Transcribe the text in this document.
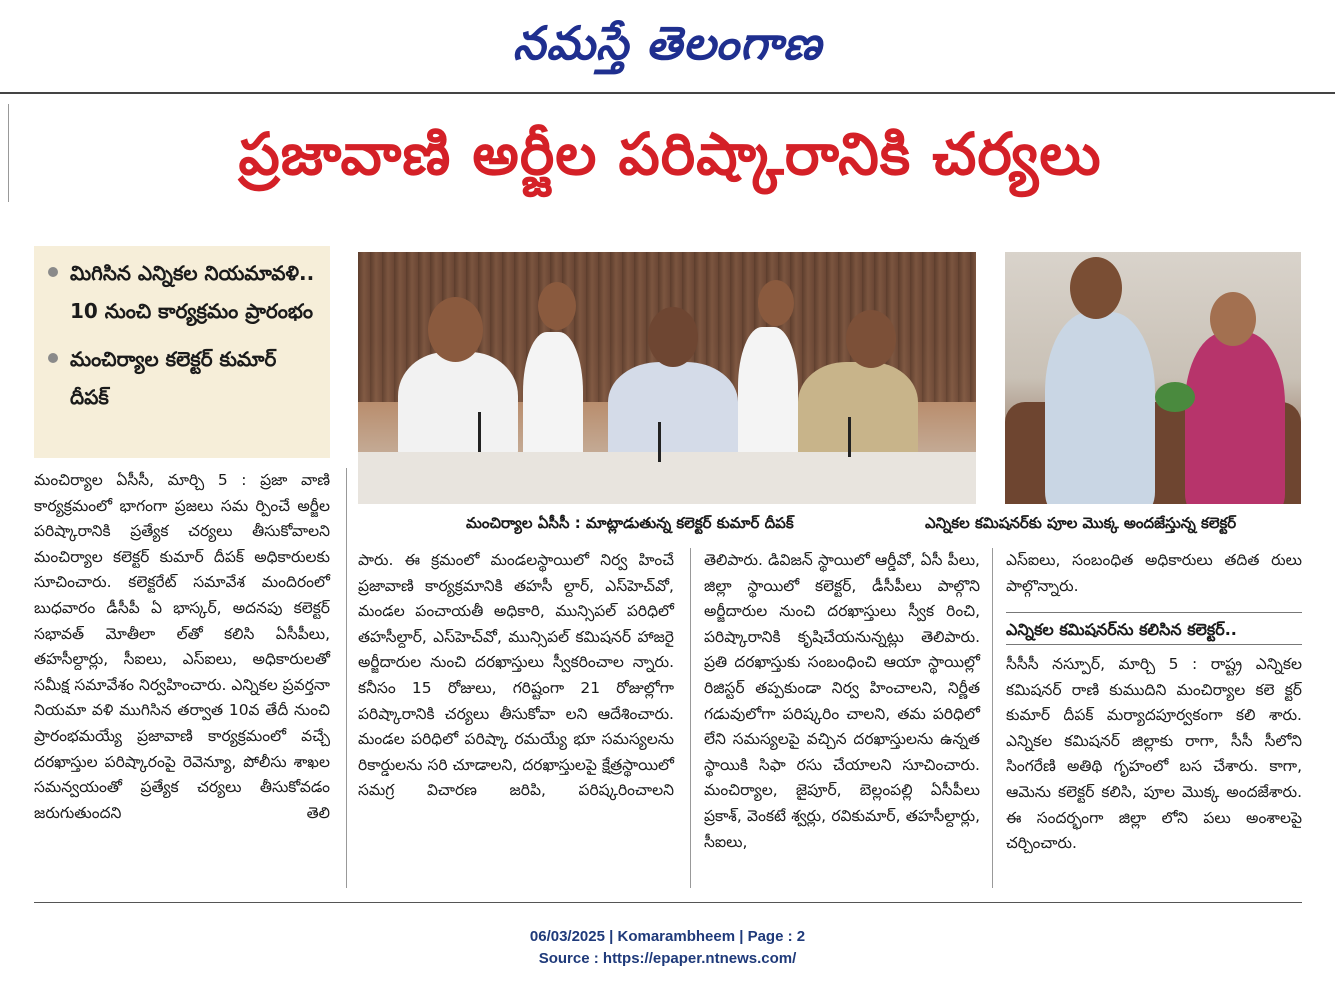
నమస్తే తెలంగాణ
ప్రజావాణి అర్జీల పరిష్కారానికి చర్యలు
మిగిసిన ఎన్నికల నియమావళి.. 10 నుంచి కార్యక్రమం ప్రారంభం
మంచిర్యాల కలెక్టర్ కుమార్ దీపక్
మంచిర్యాల ఏసీసీ : మాట్లాడుతున్న కలెక్టర్ కుమార్ దీపక్	ఎన్నికల కమిషనర్‌కు పూల మొక్క అందజేస్తున్న కలెక్టర్

మంచిర్యాల ఏసీసీ, మార్చి 5 : ప్రజా వాణి కార్యక్రమంలో భాగంగా ప్రజలు సమ ర్పించే అర్జీల పరిష్కారానికి ప్రత్యేక చర్యలు తీసుకోవాలని మంచిర్యాల కలెక్టర్ కుమార్ దీపక్ అధికారులకు సూచించారు. కలెక్టరేట్ సమావేశ మందిరంలో బుధవారం డీసీపీ ఏ భాస్కర్, అదనపు కలెక్టర్ సభావత్ మోతీలా ల్‌తో కలిసి ఏసీపీలు, తహసీల్దార్లు, సీఐలు, ఎస్ఐలు, అధికారులతో సమీక్ష సమావేశం నిర్వహించారు. ఎన్నికల ప్రవర్తనా నియమా వళి ముగిసిన తర్వాత 10వ తేదీ నుంచి ప్రారంభమయ్యే ప్రజావాణి కార్యక్రమంలో వచ్చే దరఖాస్తుల పరిష్కారంపై రెవెన్యూ, పోలీసు శాఖల సమన్వయంతో ప్రత్యేక చర్యలు తీసుకోవడం జరుగుతుందని తెలి

పారు. ఈ క్రమంలో మండలస్థాయిలో నిర్వ హించే ప్రజావాణి కార్యక్రమానికి తహసీ ల్దార్, ఎస్‌హెచ్‌వో, మండల పంచాయతీ అధికారి, మున్సిపల్ పరిధిలో తహసీల్దార్, ఎస్‌హెచ్‌వో, మున్సిపల్ కమిషనర్ హాజరై అర్జీదారుల నుంచి దరఖాస్తులు స్వీకరించాల న్నారు. కనీసం 15 రోజులు, గరిష్టంగా 21 రోజుల్లోగా పరిష్కారానికి చర్యలు తీసుకోవా లని ఆదేశించారు. మండల పరిధిలో పరిష్కా రమయ్యే భూ సమస్యలను రికార్డులను సరి చూడాలని, దరఖాస్తులపై క్షేత్రస్థాయిలో సమగ్ర విచారణ జరిపి, పరిష్కరించాలని

తెలిపారు. డివిజన్ స్థాయిలో ఆర్డీవో, ఏసీ పీలు, జిల్లా స్థాయిలో కలెక్టర్, డీసీపీలు పాల్గొని అర్జీదారుల నుంచి దరఖాస్తులు స్వీక రించి, పరిష్కారానికి కృషిచేయనున్నట్లు తెలిపారు. ప్రతి దరఖాస్తుకు సంబంధించి ఆయా స్థాయిల్లో రిజిస్టర్ తప్పకుండా నిర్వ హించాలని, నిర్ణీత గడువులోగా పరిష్కరిం చాలని, తమ పరిధిలో లేని సమస్యలపై వచ్చిన దరఖాస్తులను ఉన్నత స్థాయికి సిఫా రసు చేయాలని సూచించారు. మంచిర్యాల, జైపూర్, బెల్లంపల్లి ఏసీపీలు ప్రకాశ్, వెంకటే శ్వర్లు, రవికుమార్, తహసీల్దార్లు, సీఐలు,

ఎస్ఐలు, సంబంధిత అధికారులు తదిత రులు పాల్గొన్నారు.

ఎన్నికల కమిషనర్‌ను కలిసిన కలెక్టర్..

సీసీసీ నస్పూర్, మార్చి 5 : రాష్ట్ర ఎన్నికల కమిషనర్ రాణి కుముదిని మంచిర్యాల కలె క్టర్ కుమార్ దీపక్ మర్యాదపూర్వకంగా కలి శారు. ఎన్నికల కమిషనర్ జిల్లాకు రాగా, సీసీ సీలోని సింగరేణి అతిథి గృహంలో బస చేశారు. కాగా, ఆమెను కలెక్టర్ కలిసి, పూల మొక్క అందజేశారు. ఈ సందర్భంగా జిల్లా లోని పలు అంశాలపై చర్చించారు.

06/03/2025 | Komarambheem | Page : 2
Source : https://epaper.ntnews.com/
